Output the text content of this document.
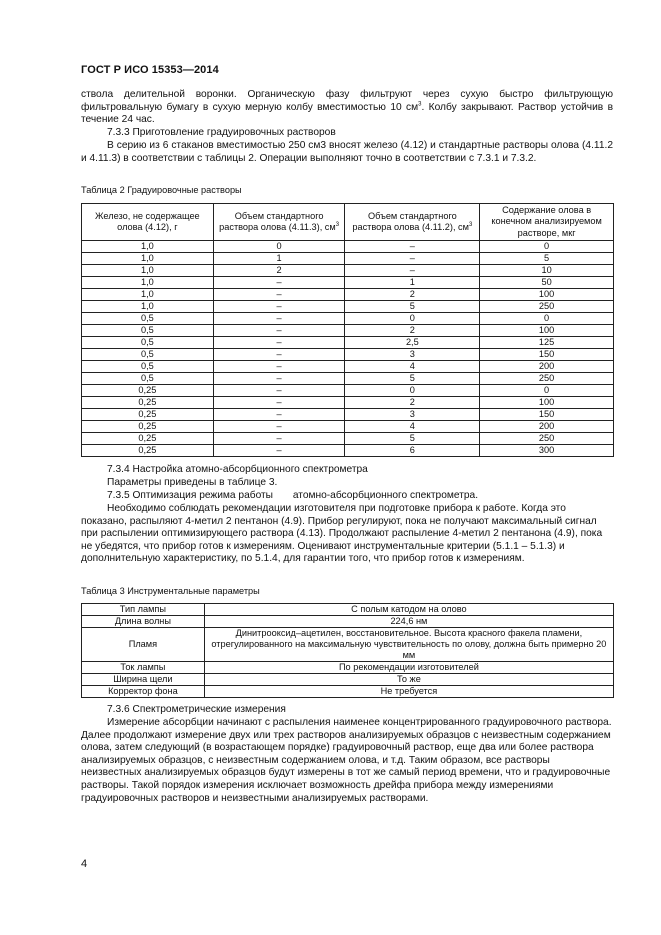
ГОСТ Р ИСО 15353—2014
ствола делительной воронки. Органическую фазу фильтруют через сухую быстро фильтрующую фильтровальную бумагу в сухую мерную колбу вместимостью 10 $см^3$. Колбу закрывают. Раствор устойчив в течение 24 час.
7.3.3 Приготовление градуировочных растворов
В серию из 6 стаканов вместимостью 250 см3 вносят железо (4.12) и стандартные растворы олова (4.11.2 и 4.11.3) в соответствии с таблицы 2. Операции выполняют точно в соответствии с 7.3.1 и 7.3.2.
Таблица 2 Градуировочные растворы
Железо, не содержащее олова (4.12), г	Объем стандартного раствора олова (4.11.3), $см^3$	Объем стандартного раствора олова (4.11.2), $см^3$	Содержание олова в конечном анализируемом растворе, мкг
1,0	0	–	0
1,0	1	–	5
1,0	2	–	10
1,0	–	1	50
1,0	–	2	100
1,0	–	5	250
0,5	–	0	0
0,5	–	2	100
0,5	–	2,5	125
0,5	–	3	150
0,5	–	4	200
0,5	–	5	250
0,25	–	0	0
0,25	–	2	100
0,25	–	3	150
0,25	–	4	200
0,25	–	5	250
0,25	–	6	300
7.3.4 Настройка атомно-абсорбционного спектрометра
Параметры приведены в таблице 3.
7.3.5 Оптимизация режима работы       атомно-абсорбционного спектрометра.
Необходимо соблюдать рекомендации изготовителя при подготовке прибора к работе. Когда это показано, распыляют 4-метил 2 пентанон (4.9). Прибор регулируют, пока не получают максимальный сигнал при распылении оптимизирующего раствора (4.13). Продолжают распыление 4-метил 2 пентанона (4.9), пока не убедятся, что прибор готов к измерениям. Оценивают инструментальные критерии (5.1.1 – 5.1.3) и дополнительную характеристику, по 5.1.4, для гарантии того, что прибор готов к измерениям.
Таблица 3 Инструментальные параметры
Тип лампы	С полым катодом на олово
Длина волны	224,6 нм
Пламя	Динитрооксид–ацетилен, восстановительное. Высота красного факела пламени, отрегулированного на максимальную чувствительность по олову, должна быть примерно 20 мм
Ток лампы	По рекомендации изготовителей
Ширина щели	То же
Корректор фона	Не требуется
7.3.6 Спектрометрические измерения
Измерение абсорбции начинают с распыления наименее концентрированного градуировочного раствора. Далее продолжают измерение двух или трех растворов анализируемых образцов с неизвестным содержанием олова, затем следующий (в возрастающем порядке) градуировочный раствор, еще два или более раствора анализируемых образцов, с неизвестным содержанием олова, и т.д. Таким образом, все растворы неизвестных анализируемых образцов будут измерены в тот же самый период времени, что и градуировочные растворы. Такой порядок измерения исключает возможность дрейфа прибора между измерениями градуировочных растворов и неизвестными анализируемых растворами.
4
